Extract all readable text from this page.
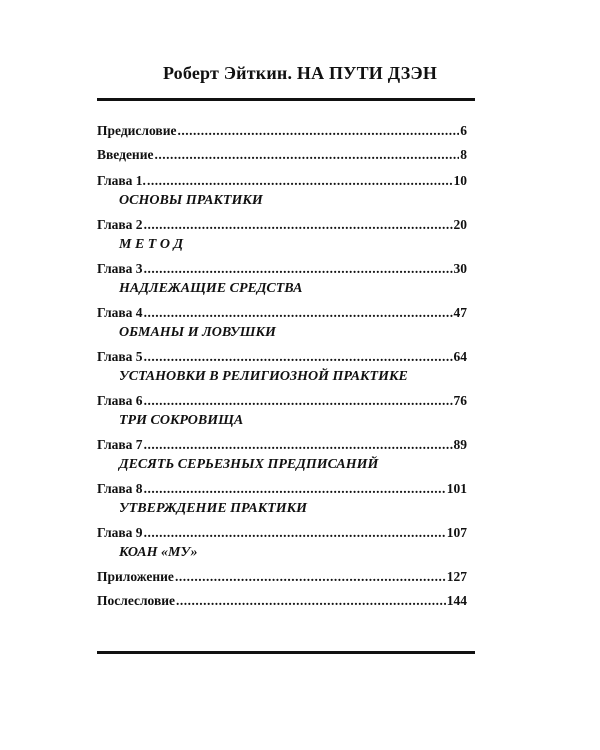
Роберт Эйткин. НА ПУТИ ДЗЭН
Предисловие .....	6
Введение .....	8
Глава 1. .....	10
ОСНОВЫ ПРАКТИКИ
Глава 2 .....	20
М Е Т О Д
Глава 3 .....	30
НАДЛЕЖАЩИЕ СРЕДСТВА
Глава 4 .....	47
ОБМАНЫ И ЛОВУШКИ
Глава 5 .....	64
УСТАНОВКИ В РЕЛИГИОЗНОЙ ПРАКТИКЕ
Глава 6 .....	76
ТРИ СОКРОВИЩА
Глава 7 .....	89
ДЕСЯТЬ СЕРЬЕЗНЫХ ПРЕДПИСАНИЙ
Глава 8 .....	101
УТВЕРЖДЕНИЕ ПРАКТИКИ
Глава 9 .....	107
КОАН «МУ»
Приложение .....	127
Послесловие .....	144
